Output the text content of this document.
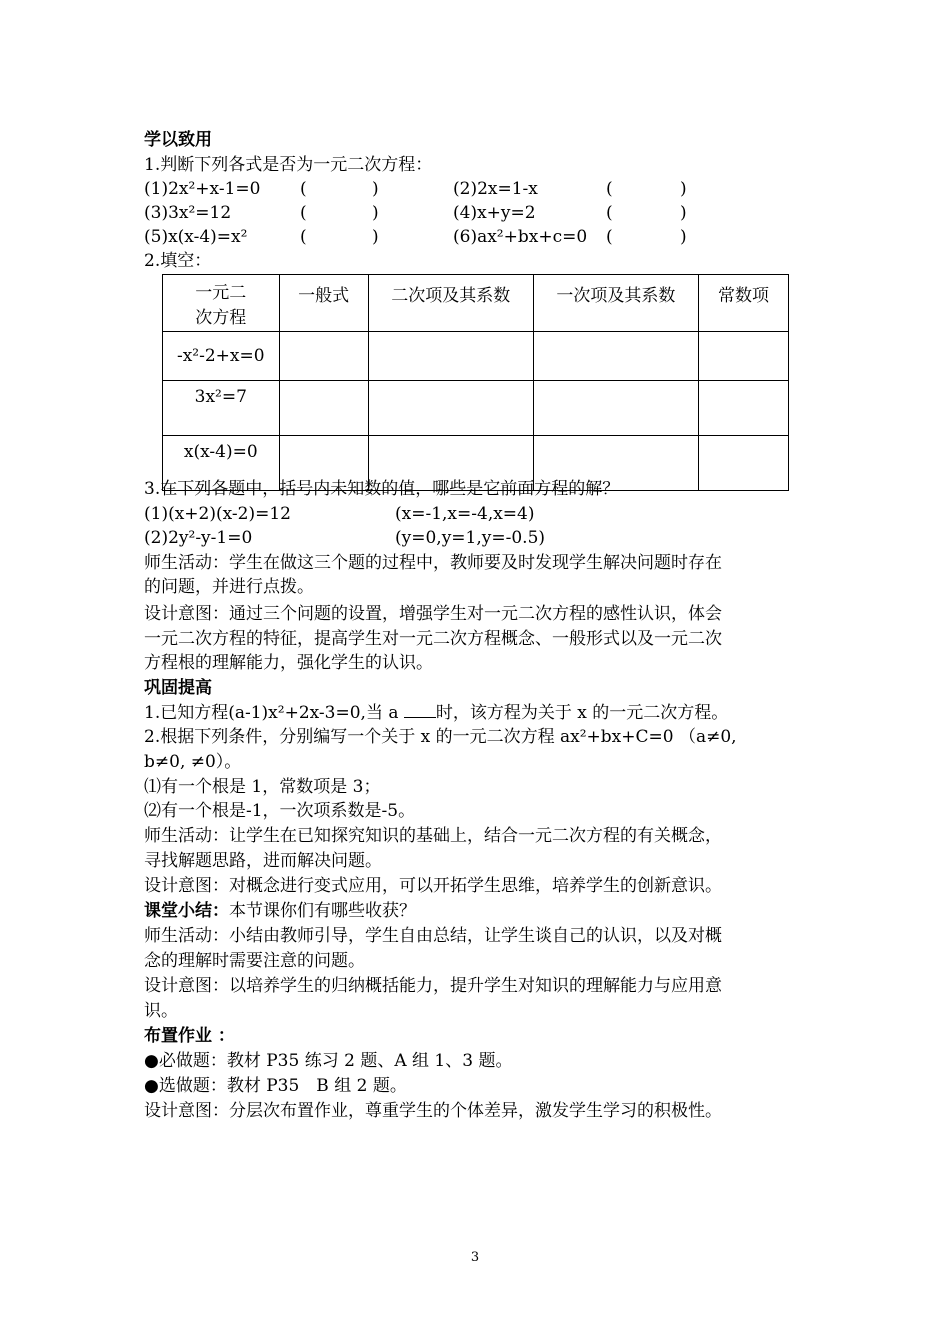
学以致用
1.判断下列各式是否为一元二次方程：
(1)2x²+x-1=0 (	)	(2)2x=1-x	(	)
(3)3x²=12	(	)	(4)x+y=2	(	)
(5)x(x-4)=x²	(	)	(6)ax²+bx+c=0 (	)
2.填空：
一元二
次方程	一般式	二次项及其系数	一次项及其系数	常数项
-x²-2+x=0				
3x²=7				
x(x-4)=0				
3.在下列各题中，括号内未知数的值，哪些是它前面方程的解？
(1)(x+2)(x-2)=12	(x=-1,x=-4,x=4)
(2)2y²-y-1=0	(y=0,y=1,y=-0.5)
师生活动：学生在做这三个题的过程中，教师要及时发现学生解决问题时存在
的问题，并进行点拨。
设计意图：通过三个问题的设置，增强学生对一元二次方程的感性认识，体会
一元二次方程的特征，提高学生对一元二次方程概念、一般形式以及一元二次
方程根的理解能力，强化学生的认识。
巩固提高
1.已知方程(a-1)x²+2x-3=0,当 a 时，该方程为关于 x 的一元二次方程。
2.根据下列条件，分别编写一个关于 x 的一元二次方程 ax²+bx+C=0 （a≠0,
b≠0, ≠0）。
⑴有一个根是 1，常数项是 3；
⑵有一个根是-1，一次项系数是-5。
师生活动：让学生在已知探究知识的基础上，结合一元二次方程的有关概念，
寻找解题思路，进而解决问题。
设计意图：对概念进行变式应用，可以开拓学生思维，培养学生的创新意识。
课堂小结：本节课你们有哪些收获？
师生活动：小结由教师引导，学生自由总结，让学生谈自己的认识，以及对概
念的理解时需要注意的问题。
设计意图：以培养学生的归纳概括能力，提升学生对知识的理解能力与应用意
识。
布置作业 ：
●必做题：教材 P35 练习 2 题、A 组 1、3 题。
●选做题：教材 P35　B 组 2 题。
设计意图：分层次布置作业，尊重学生的个体差异，激发学生学习的积极性。
3
